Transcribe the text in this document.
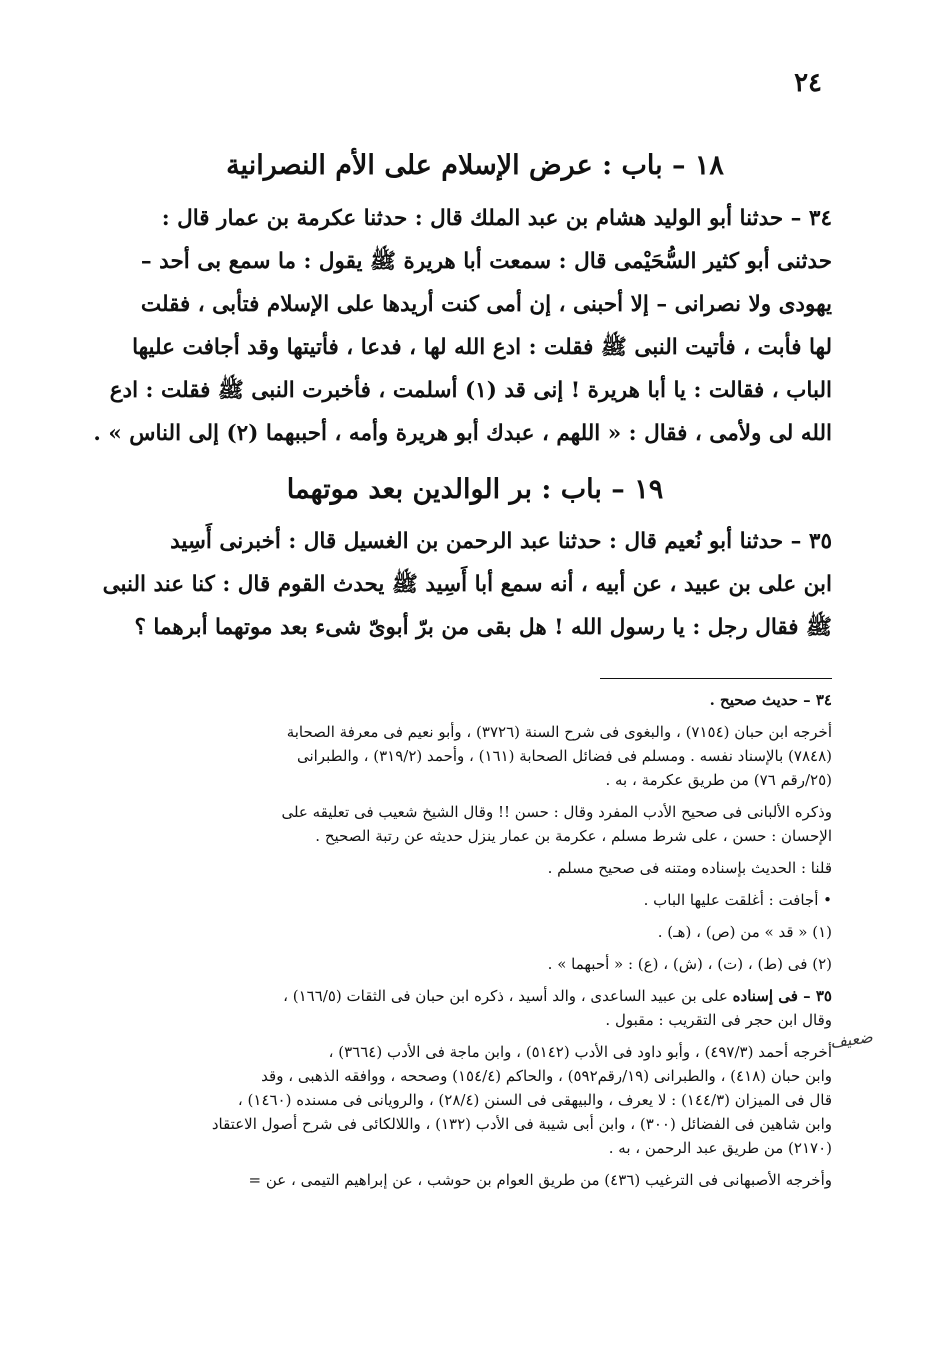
٢٤
١٨ – باب : عرض الإسلام على الأم النصرانية
٣٤ – حدثنا أبو الوليد هشام بن عبد الملك قال : حدثنا عكرمة بن عمار قال :
حدثنى أبو كثير السُّحَيْمى قال : سمعت أبا هريرة ﷺ يقول : ما سمع بى أحد –
يهودى ولا نصرانى – إلا أحبنى ، إن أمى كنت أريدها على الإسلام فتأبى ، فقلت
لها فأبت ، فأتيت النبى ﷺ فقلت : ادع الله لها ، فدعا ، فأتيتها وقد أجافت عليها
الباب ، فقالت : يا أبا هريرة ! إنى قد (١) أسلمت ، فأخبرت النبى ﷺ فقلت : ادع
الله لى ولأمى ، فقال : « اللهم ، عبدك أبو هريرة وأمه ، أحببهما (٢) إلى الناس » .
١٩ – باب : بر الوالدين بعد موتهما
٣٥ – حدثنا أبو نُعيم قال : حدثنا عبد الرحمن بن الغسيل قال : أخبرنى أَسِيد
ابن على بن عبيد ، عن أبيه ، أنه سمع أبا أَسِيد ﷺ يحدث القوم قال : كنا عند النبى
ﷺ فقال رجل : يا رسول الله ! هل بقى من برّ أبوىّ شىء بعد موتهما أبرهما ؟
٣٤ – حديث صحيح .
أخرجه ابن حبان (٧١٥٤) ، والبغوى فى شرح السنة (٣٧٢٦) ، وأبو نعيم فى معرفة الصحابة
(٧٨٤٨) بالإسناد نفسه . ومسلم فى فضائل الصحابة (١٦١) ، وأحمد (٣١٩/٢) ، والطبرانى
(٢٥/رقم ٧٦) من طريق عكرمة ، به .
وذكره الألبانى فى صحيح الأدب المفرد وقال : حسن !! وقال الشيخ شعيب فى تعليقه على
الإحسان : حسن ، على شرط مسلم ، عكرمة بن عمار ينزل حديثه عن رتبة الصحيح .
قلنا : الحديث بإسناده ومتنه فى صحيح مسلم .
• أجافت : أغلقت عليها الباب .
(١) « قد » من (ص) ، (هـ) .
(٢) فى (ط) ، (ت) ، (ش) ، (ع) : « أحبهما » .
٣٥ – فى إسناده على بن عبيد الساعدى ، والد أسيد ، ذكره ابن حبان فى الثقات (١٦٦/٥) ،
وقال ابن حجر فى التقريب : مقبول .
أخرجه أحمد (٤٩٧/٣) ، وأبو داود فى الأدب (٥١٤٢) ، وابن ماجة فى الأدب (٣٦٦٤) ،
وابن حبان (٤١٨) ، والطبرانى (١٩/رقم٥٩٢) ، والحاكم (١٥٤/٤) وصححه ، ووافقه الذهبى ، وقد
قال فى الميزان (١٤٤/٣) : لا يعرف ، والبيهقى فى السنن (٢٨/٤) ، والرويانى فى مسنده (١٤٦٠) ،
وابن شاهين فى الفضائل (٣٠٠) ، وابن أبى شيبة فى الأدب (١٣٢) ، واللالكائى فى شرح أصول الاعتقاد
(٢١٧٠) من طريق عبد الرحمن ، به .
وأخرجه الأصبهانى فى الترغيب (٤٣٦) من طريق العوام بن حوشب ، عن إبراهيم التيمى ، عن =
ضعيف
